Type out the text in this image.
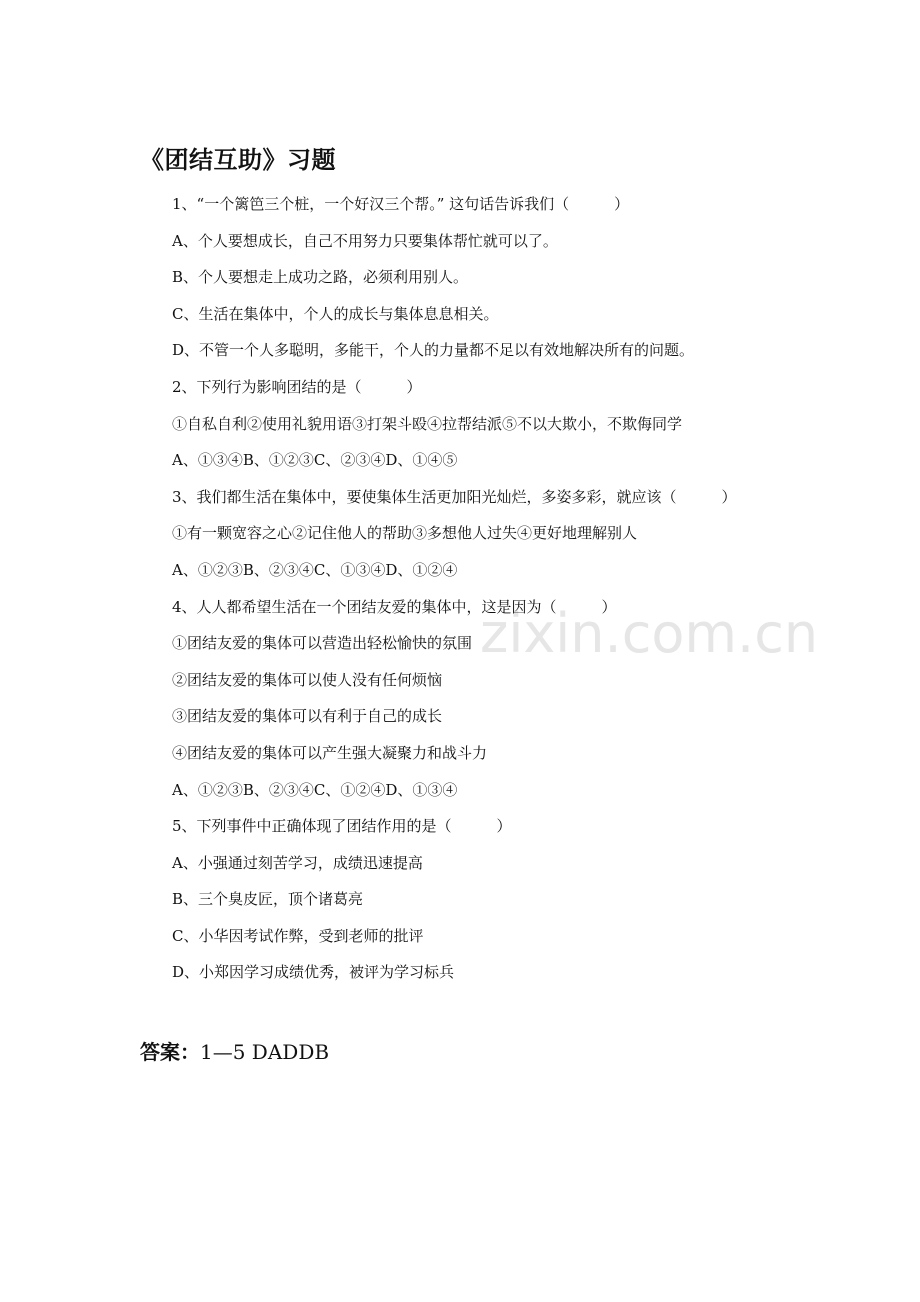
《团结互助》习题
zixin.com.cn
1、“一个篱笆三个桩，一个好汉三个帮。” 这句话告诉我们（　　　）
A、个人要想成长，自己不用努力只要集体帮忙就可以了。
B、个人要想走上成功之路，必须利用别人。
C、生活在集体中，个人的成长与集体息息相关。
D、不管一个人多聪明，多能干，个人的力量都不足以有效地解决所有的问题。
2、下列行为影响团结的是（　　　）
①自私自利②使用礼貌用语③打架斗殴④拉帮结派⑤不以大欺小，不欺侮同学
A、①③④B、①②③C、②③④D、①④⑤
3、我们都生活在集体中，要使集体生活更加阳光灿烂，多姿多彩，就应该（　　　）
①有一颗宽容之心②记住他人的帮助③多想他人过失④更好地理解别人
A、①②③B、②③④C、①③④D、①②④
4、人人都希望生活在一个团结友爱的集体中，这是因为（　　　）
①团结友爱的集体可以营造出轻松愉快的氛围
②团结友爱的集体可以使人没有任何烦恼
③团结友爱的集体可以有利于自己的成长
④团结友爱的集体可以产生强大凝聚力和战斗力
A、①②③B、②③④C、①②④D、①③④
5、下列事件中正确体现了团结作用的是（　　　）
A、小强通过刻苦学习，成绩迅速提高
B、三个臭皮匠，顶个诸葛亮
C、小华因考试作弊，受到老师的批评
D、小郑因学习成绩优秀，被评为学习标兵
答案：1—5 DADDB
